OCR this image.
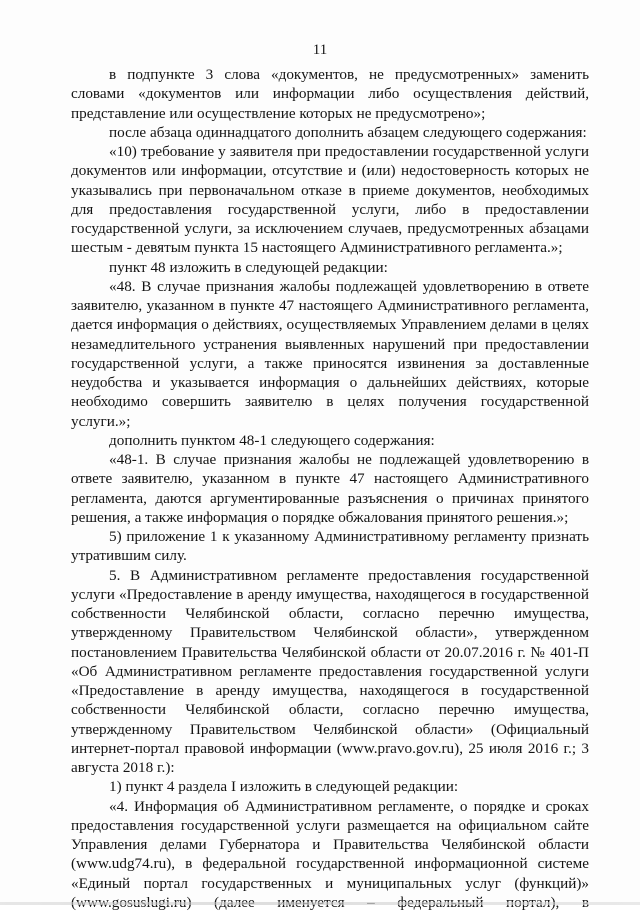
11

в подпункте 3 слова «документов, не предусмотренных» заменить словами «документов или информации либо осуществления действий, представление или осуществление которых не предусмотрено»;

после абзаца одиннадцатого дополнить абзацем следующего содержания:

«10) требование у заявителя при предоставлении государственной услуги документов или информации, отсутствие и (или) недостоверность которых не указывались при первоначальном отказе в приеме документов, необходимых для предоставления государственной услуги, либо в предоставлении государственной услуги, за исключением случаев, предусмотренных абзацами шестым - девятым пункта 15 настоящего Административного регламента.»;

пункт 48 изложить в следующей редакции:

«48. В случае признания жалобы подлежащей удовлетворению в ответе заявителю, указанном в пункте 47 настоящего Административного регламента, дается информация о действиях, осуществляемых Управлением делами в целях незамедлительного устранения выявленных нарушений при предоставлении государственной услуги, а также приносятся извинения за доставленные неудобства и указывается информация о дальнейших действиях, которые необходимо совершить заявителю в целях получения государственной услуги.»;

дополнить пунктом 48-1 следующего содержания:

«48-1. В случае признания жалобы не подлежащей удовлетворению в ответе заявителю, указанном в пункте 47 настоящего Административного регламента, даются аргументированные разъяснения о причинах принятого решения, а также информация о порядке обжалования принятого решения.»;

5) приложение 1 к указанному Административному регламенту признать утратившим силу.

5. В Административном регламенте предоставления государственной услуги «Предоставление в аренду имущества, находящегося в государственной собственности Челябинской области, согласно перечню имущества, утвержденному Правительством Челябинской области», утвержденном постановлением Правительства Челябинской области от 20.07.2016 г. № 401-П «Об Административном регламенте предоставления государственной услуги «Предоставление в аренду имущества, находящегося в государственной собственности Челябинской области, согласно перечню имущества, утвержденному Правительством Челябинской области» (Официальный интернет-портал правовой информации (www.pravo.gov.ru), 25 июля 2016 г.; 3 августа 2018 г.):

1) пункт 4 раздела I изложить в следующей редакции:

«4. Информация об Административном регламенте, о порядке и сроках предоставления государственной услуги размещается на официальном сайте Управления делами Губернатора и Правительства Челябинской области (www.udg74.ru), в федеральной государственной информационной системе «Единый портал государственных и муниципальных услуг (функций)»
